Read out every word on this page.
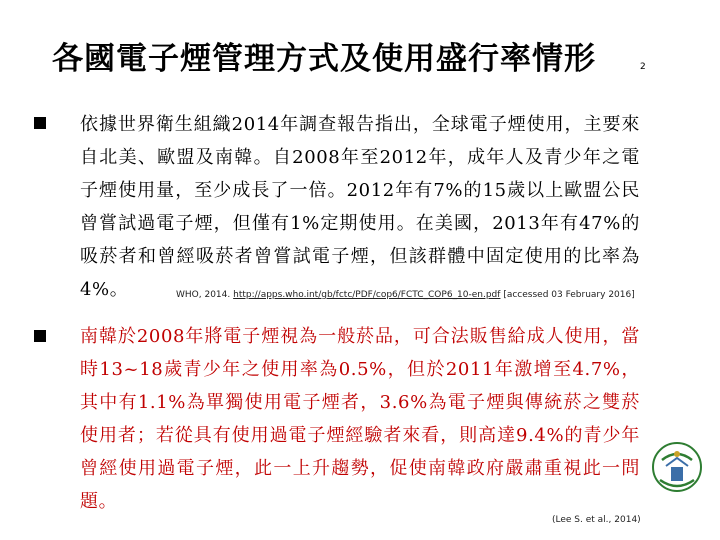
各國電子煙管理方式及使用盛行率情形	2
依據世界衛生組織2014年調查報告指出，全球電子煙使用，主要來自北美、歐盟及南韓。自2008年至2012年，成年人及青少年之電子煙使用量，至少成長了一倍。2012年有7%的15歲以上歐盟公民曾嘗試過電子煙，但僅有1%定期使用。在美國，2013年有47%的吸菸者和曾經吸菸者曾嘗試電子煙，但該群體中固定使用的比率為4%。	WHO, 2014. http://apps.who.int/gb/fctc/PDF/cop6/FCTC_COP6_10-en.pdf [accessed 03 February 2016]
南韓於2008年將電子煙視為一般菸品，可合法販售給成人使用，當時13~18歲青少年之使用率為0.5%，但於2011年激增至4.7%，其中有1.1%為單獨使用電子煙者，3.6%為電子煙與傳統菸之雙菸使用者；若從具有使用過電子煙經驗者來看，則高達9.4%的青少年曾經使用過電子煙，此一上升趨勢，促使南韓政府嚴肅重視此一問題。
(Lee S. et al., 2014)
